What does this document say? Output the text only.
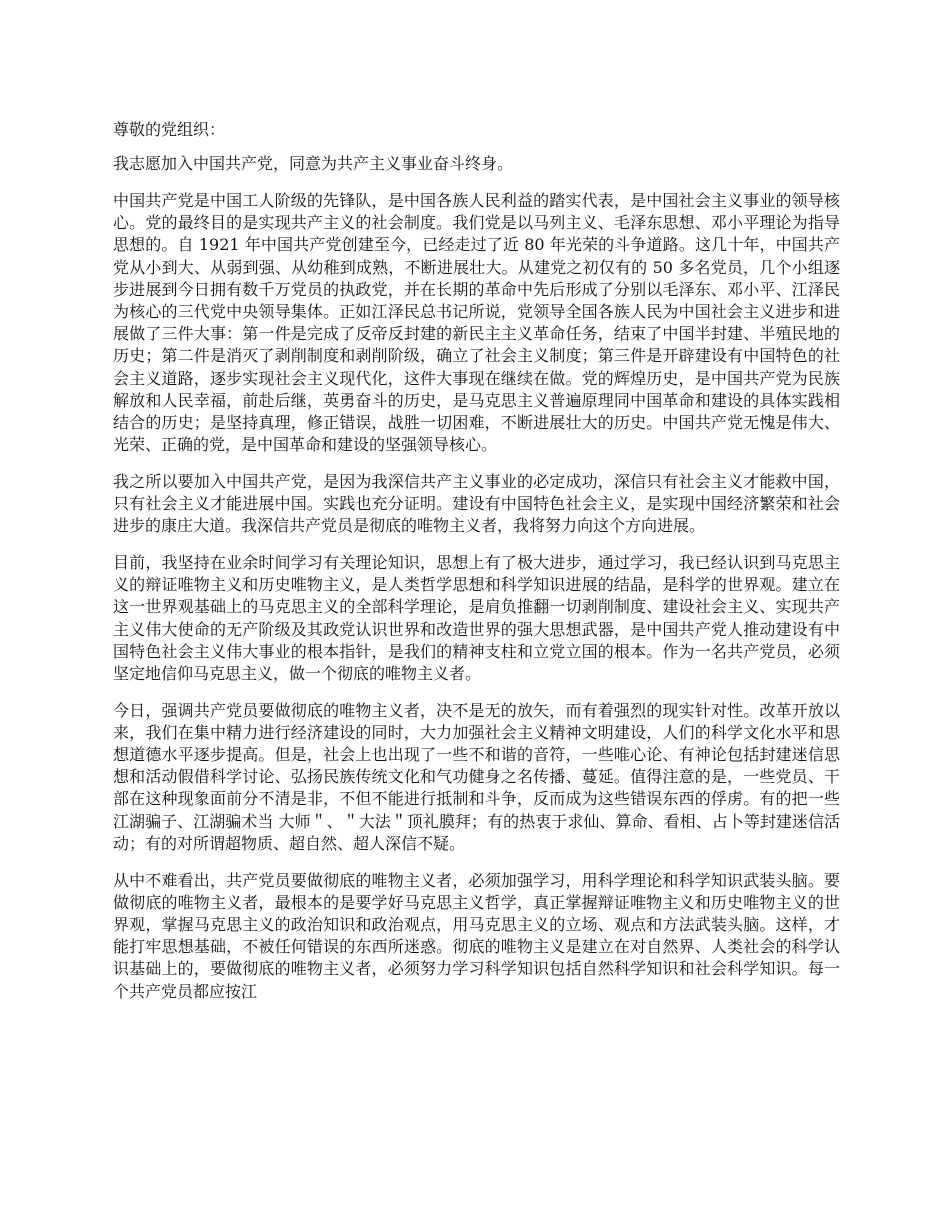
尊敬的党组织：

我志愿加入中国共产党，同意为共产主义事业奋斗终身。

中国共产党是中国工人阶级的先锋队，是中国各族人民利益的踏实代表，是中国社会主义事业的领导核心。党的最终目的是实现共产主义的社会制度。我们党是以马列主义、毛泽东思想、邓小平理论为指导思想的。自 1921 年中国共产党创建至今，已经走过了近 80 年光荣的斗争道路。这几十年，中国共产党从小到大、从弱到强、从幼稚到成熟，不断进展壮大。从建党之初仅有的 50 多名党员，几个小组逐步进展到今日拥有数千万党员的执政党，并在长期的革命中先后形成了分别以毛泽东、邓小平、江泽民为核心的三代党中央领导集体。正如江泽民总书记所说，党领导全国各族人民为中国社会主义进步和进展做了三件大事：第一件是完成了反帝反封建的新民主主义革命任务，结束了中国半封建、半殖民地的历史；第二件是消灭了剥削制度和剥削阶级，确立了社会主义制度；第三件是开辟建设有中国特色的社会主义道路，逐步实现社会主义现代化，这件大事现在继续在做。党的辉煌历史，是中国共产党为民族解放和人民幸福，前赴后继，英勇奋斗的历史，是马克思主义普遍原理同中国革命和建设的具体实践相结合的历史；是坚持真理，修正错误，战胜一切困难，不断进展壮大的历史。中国共产党无愧是伟大、光荣、正确的党，是中国革命和建设的坚强领导核心。

我之所以要加入中国共产党，是因为我深信共产主义事业的必定成功，深信只有社会主义才能救中国，只有社会主义才能进展中国。实践也充分证明。建设有中国特色社会主义，是实现中国经济繁荣和社会进步的康庄大道。我深信共产党员是彻底的唯物主义者，我将努力向这个方向进展。

目前，我坚持在业余时间学习有关理论知识，思想上有了极大进步，通过学习，我已经认识到马克思主义的辩证唯物主义和历史唯物主义，是人类哲学思想和科学知识进展的结晶，是科学的世界观。建立在这一世界观基础上的马克思主义的全部科学理论，是肩负推翻一切剥削制度、建设社会主义、实现共产主义伟大使命的无产阶级及其政党认识世界和改造世界的强大思想武器，是中国共产党人推动建设有中国特色社会主义伟大事业的根本指针，是我们的精神支柱和立党立国的根本。作为一名共产党员，必须坚定地信仰马克思主义，做一个彻底的唯物主义者。

今日，强调共产党员要做彻底的唯物主义者，决不是无的放矢，而有着强烈的现实针对性。改革开放以来，我们在集中精力进行经济建设的同时，大力加强社会主义精神文明建设，人们的科学文化水平和思想道德水平逐步提高。但是，社会上也出现了一些不和谐的音符，一些唯心论、有神论包括封建迷信思想和活动假借科学讨论、弘扬民族传统文化和气功健身之名传播、蔓延。值得注意的是，一些党员、干部在这种现象面前分不清是非，不但不能进行抵制和斗争，反而成为这些错误东西的俘虏。有的把一些江湖骗子、江湖骗术当 大师＂、＂大法＂顶礼膜拜；有的热衷于求仙、算命、看相、占卜等封建迷信活动；有的对所谓超物质、超自然、超人深信不疑。

从中不难看出，共产党员要做彻底的唯物主义者，必须加强学习，用科学理论和科学知识武装头脑。要做彻底的唯物主义者，最根本的是要学好马克思主义哲学，真正掌握辩证唯物主义和历史唯物主义的世界观，掌握马克思主义的政治知识和政治观点，用马克思主义的立场、观点和方法武装头脑。这样，才能打牢思想基础，不被任何错误的东西所迷惑。彻底的唯物主义是建立在对自然界、人类社会的科学认识基础上的，要做彻底的唯物主义者，必须努力学习科学知识包括自然科学知识和社会科学知识。每一个共产党员都应按江
